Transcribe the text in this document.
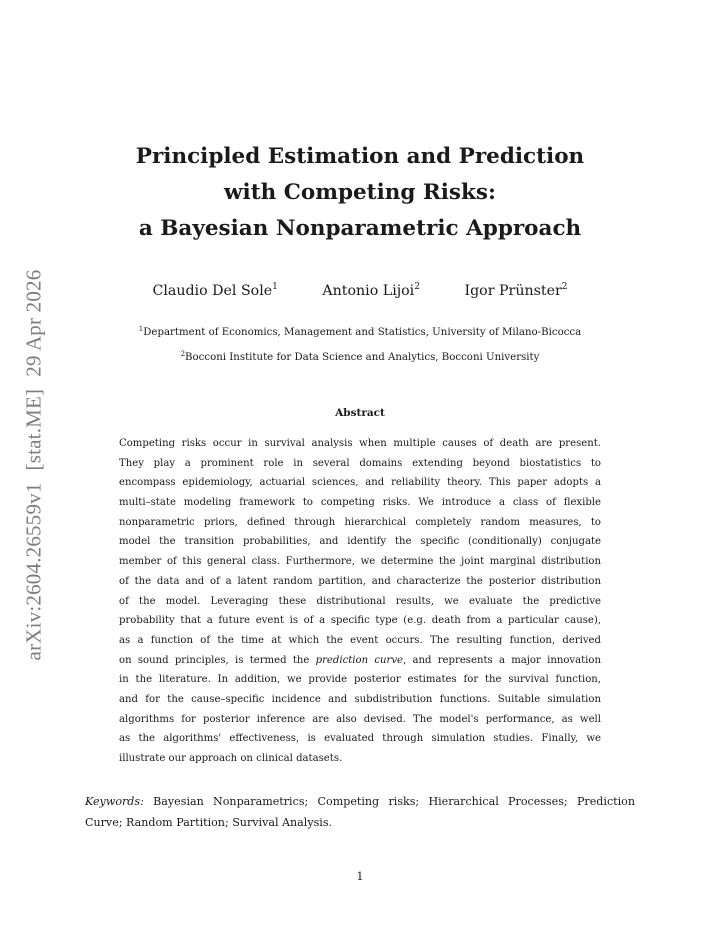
arXiv:2604.26559v1[stat.ME]29 Apr 2026
Principled Estimation and Prediction
with Competing Risks:
a Bayesian Nonparametric Approach
Claudio Del Sole$^1$	Antonio Lijoi$^2$	Igor Prünster$^2$
$^1$Department of Economics, Management and Statistics, University of Milano-Bicocca
$^2$Bocconi Institute for Data Science and Analytics, Bocconi University
Abstract
Competing risks occur in survival analysis when multiple causes of death are present.
They play a prominent role in several domains extending beyond biostatistics to
encompass epidemiology, actuarial sciences, and reliability theory. This paper adopts a
multi–state modeling framework to competing risks. We introduce a class of flexible
nonparametric priors, defined through hierarchical completely random measures, to
model the transition probabilities, and identify the specific (conditionally) conjugate
member of this general class. Furthermore, we determine the joint marginal distribution
of the data and of a latent random partition, and characterize the posterior distribution
of the model. Leveraging these distributional results, we evaluate the predictive
probability that a future event is of a specific type (e.g. death from a particular cause),
as a function of the time at which the event occurs. The resulting function, derived
on sound principles, is termed the prediction curve, and represents a major innovation
in the literature. In addition, we provide posterior estimates for the survival function,
and for the cause–specific incidence and subdistribution functions. Suitable simulation
algorithms for posterior inference are also devised. The model's performance, as well
as the algorithms' effectiveness, is evaluated through simulation studies. Finally, we
illustrate our approach on clinical datasets.
Keywords: Bayesian Nonparametrics; Competing risks; Hierarchical Processes; Prediction
Curve; Random Partition; Survival Analysis.
1
